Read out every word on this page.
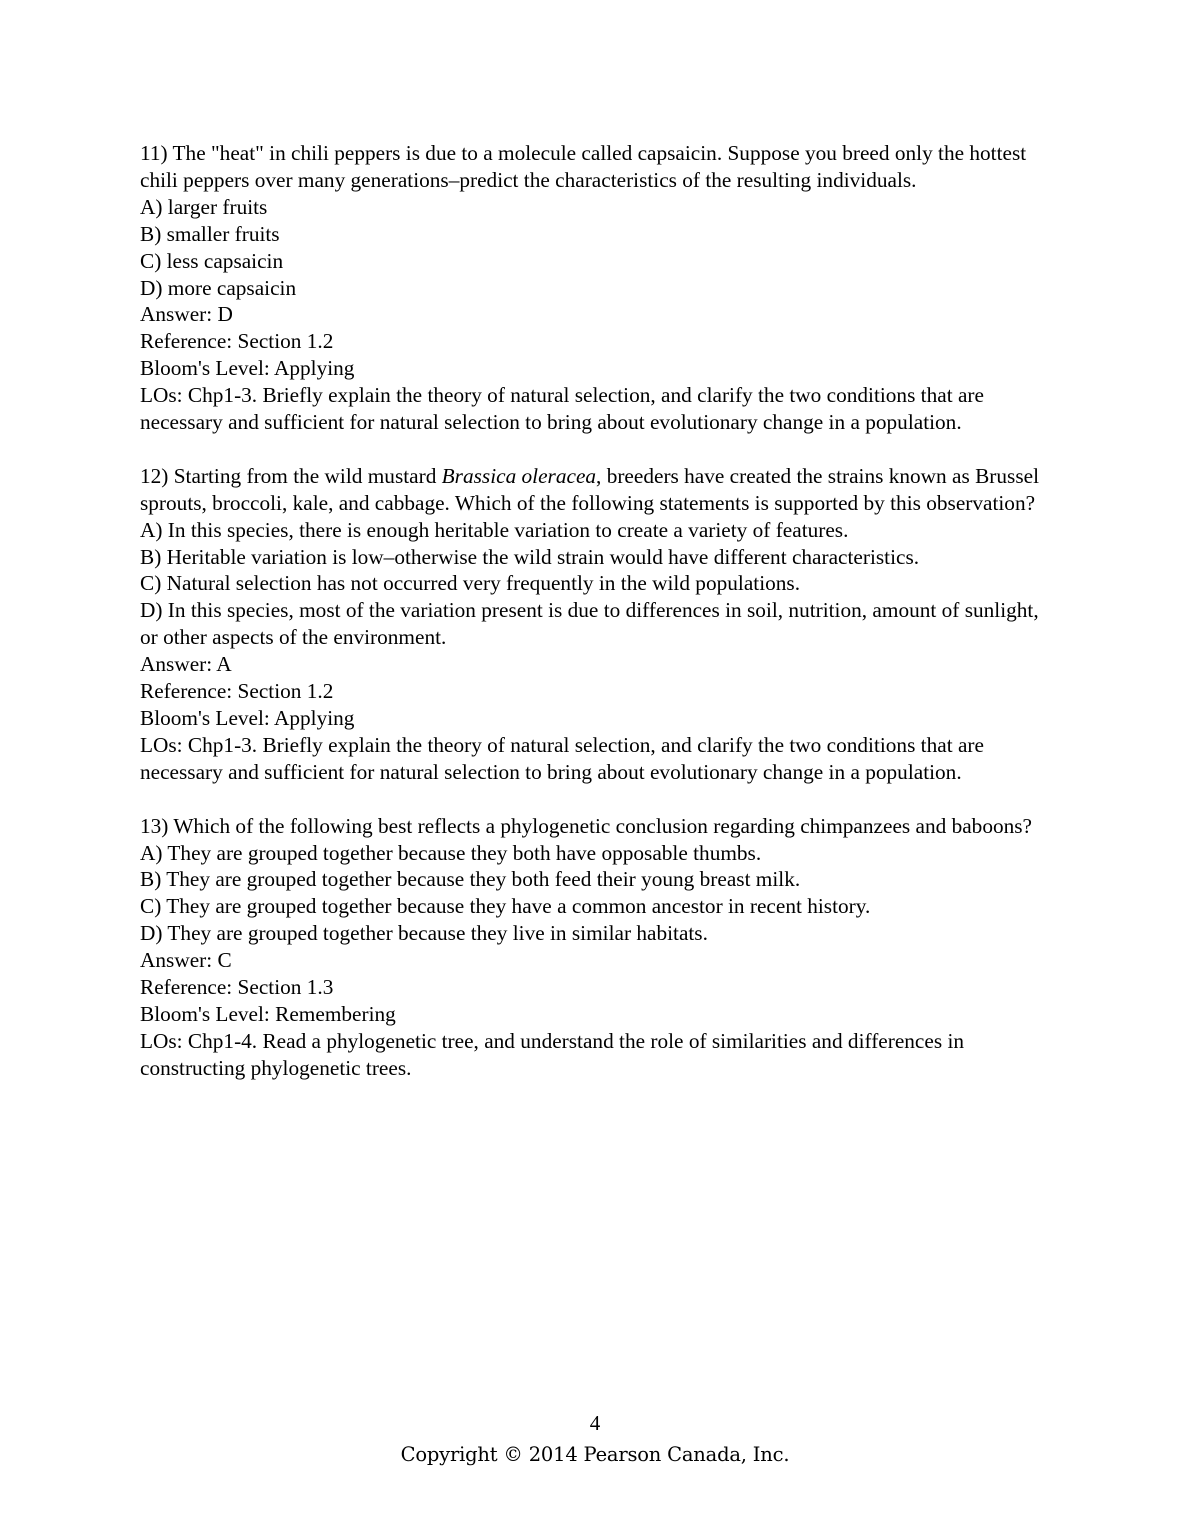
11) The "heat" in chili peppers is due to a molecule called capsaicin. Suppose you breed only the hottest chili peppers over many generations–predict the characteristics of the resulting individuals.

A) larger fruits

B) smaller fruits

C) less capsaicin

D) more capsaicin

Answer: D

Reference: Section 1.2

Bloom's Level: Applying

LOs: Chp1-3. Briefly explain the theory of natural selection, and clarify the two conditions that are necessary and sufficient for natural selection to bring about evolutionary change in a population.

12) Starting from the wild mustard Brassica oleracea, breeders have created the strains known as Brussel sprouts, broccoli, kale, and cabbage. Which of the following statements is supported by this observation?

A) In this species, there is enough heritable variation to create a variety of features.

B) Heritable variation is low–otherwise the wild strain would have different characteristics.

C) Natural selection has not occurred very frequently in the wild populations.

D) In this species, most of the variation present is due to differences in soil, nutrition, amount of sunlight, or other aspects of the environment.

Answer: A

Reference: Section 1.2

Bloom's Level: Applying

LOs: Chp1-3. Briefly explain the theory of natural selection, and clarify the two conditions that are necessary and sufficient for natural selection to bring about evolutionary change in a population.

13) Which of the following best reflects a phylogenetic conclusion regarding chimpanzees and baboons?

A) They are grouped together because they both have opposable thumbs.

B) They are grouped together because they both feed their young breast milk.

C) They are grouped together because they have a common ancestor in recent history.

D) They are grouped together because they live in similar habitats.

Answer: C

Reference: Section 1.3

Bloom's Level: Remembering

LOs: Chp1-4. Read a phylogenetic tree, and understand the role of similarities and differences in constructing phylogenetic trees.

4
Copyright © 2014 Pearson Canada, Inc.
